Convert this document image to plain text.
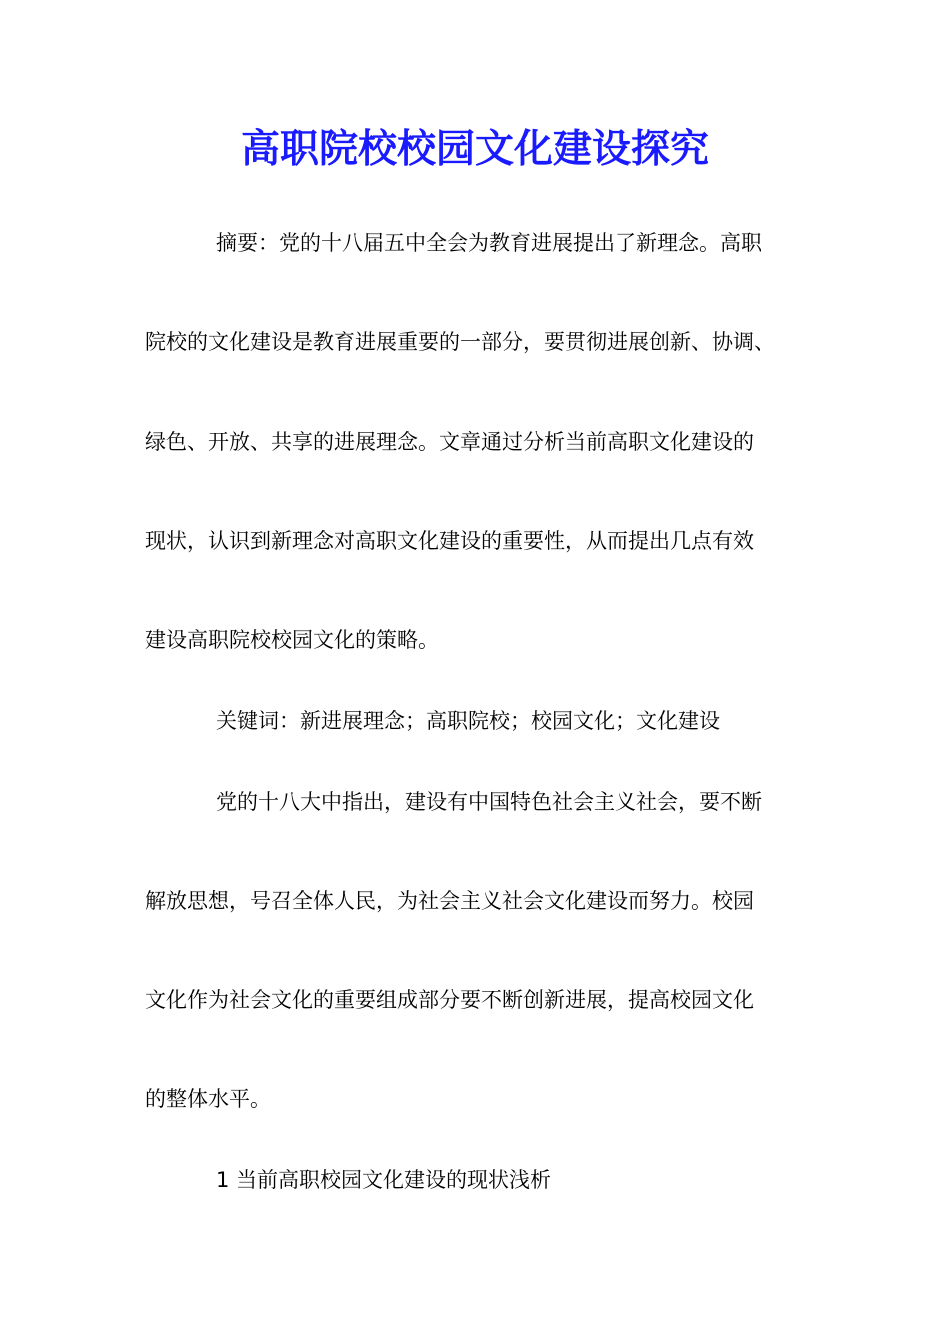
高职院校校园文化建设探究

摘要：党的十八届五中全会为教育进展提出了新理念。高职

院校的文化建设是教育进展重要的一部分，要贯彻进展创新、协调、

绿色、开放、共享的进展理念。文章通过分析当前高职文化建设的

现状，认识到新理念对高职文化建设的重要性，从而提出几点有效

建设高职院校校园文化的策略。

关键词：新进展理念；高职院校；校园文化；文化建设

党的十八大中指出，建设有中国特色社会主义社会，要不断

解放思想，号召全体人民，为社会主义社会文化建设而努力。校园

文化作为社会文化的重要组成部分要不断创新进展，提高校园文化

的整体水平。

1 当前高职校园文化建设的现状浅析
